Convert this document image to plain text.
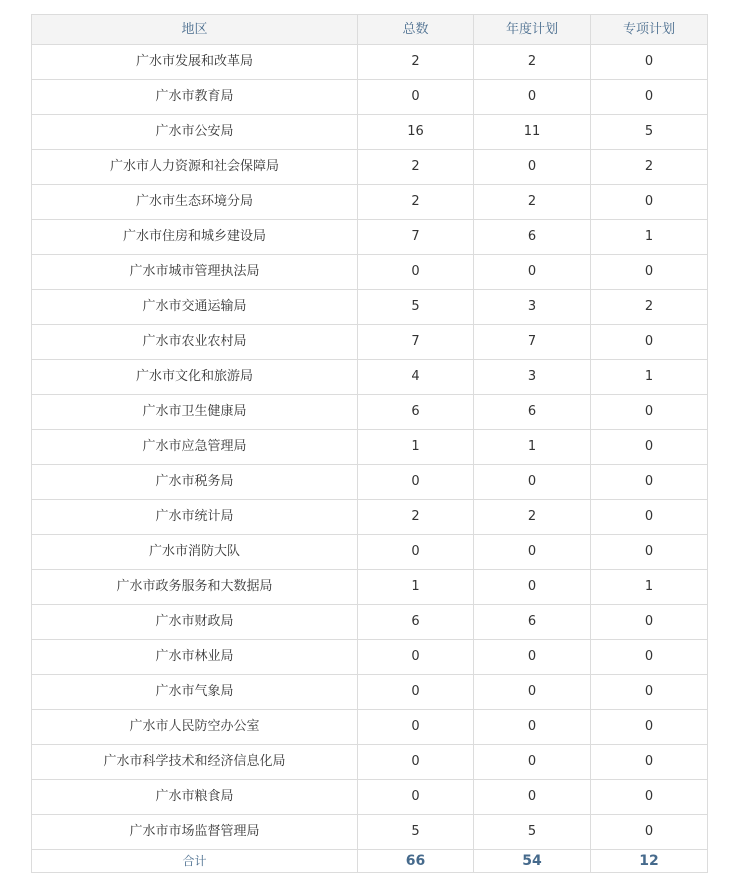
地区	总数	年度计划	专项计划
广水市发展和改革局	2	2	0
广水市教育局	0	0	0
广水市公安局	16	11	5
广水市人力资源和社会保障局	2	0	2
广水市生态环境分局	2	2	0
广水市住房和城乡建设局	7	6	1
广水市城市管理执法局	0	0	0
广水市交通运输局	5	3	2
广水市农业农村局	7	7	0
广水市文化和旅游局	4	3	1
广水市卫生健康局	6	6	0
广水市应急管理局	1	1	0
广水市税务局	0	0	0
广水市统计局	2	2	0
广水市消防大队	0	0	0
广水市政务服务和大数据局	1	0	1
广水市财政局	6	6	0
广水市林业局	0	0	0
广水市气象局	0	0	0
广水市人民防空办公室	0	0	0
广水市科学技术和经济信息化局	0	0	0
广水市粮食局	0	0	0
广水市市场监督管理局	5	5	0
合计	66	54	12
